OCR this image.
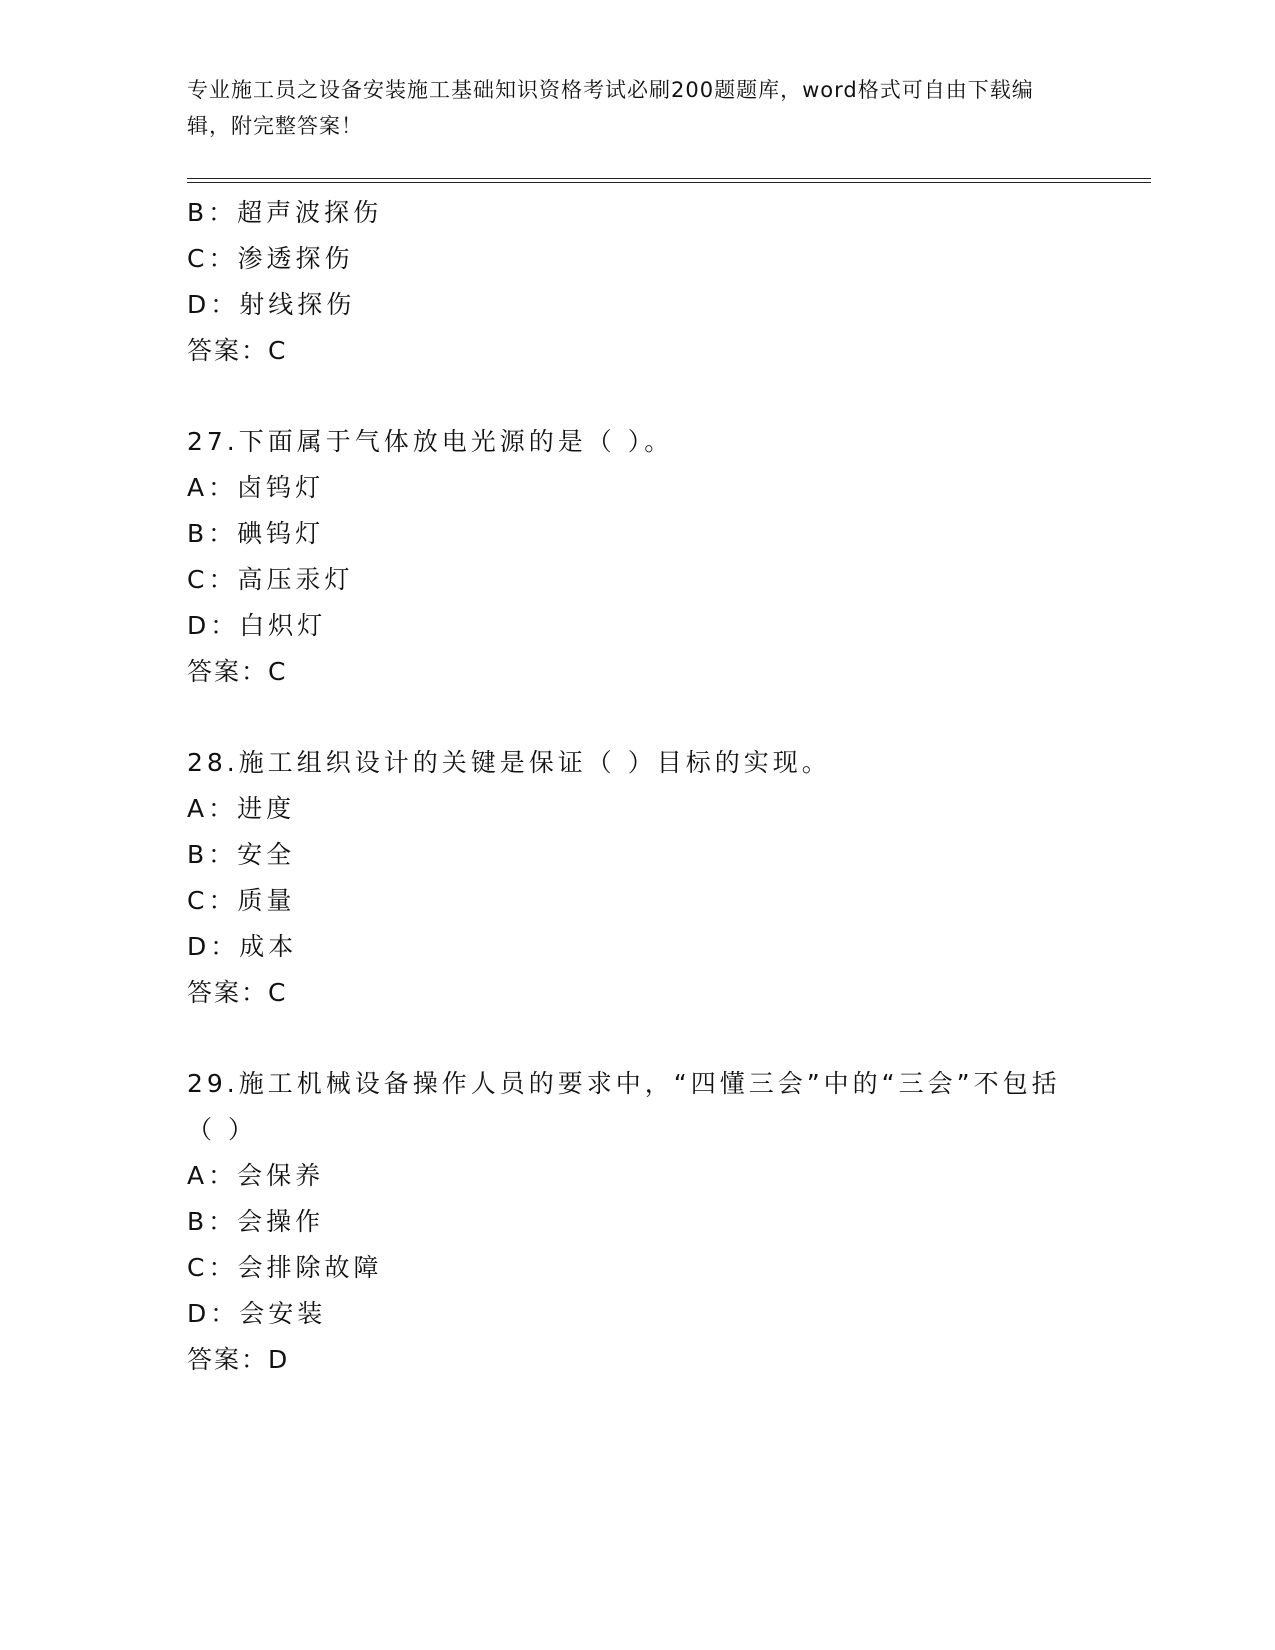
专业施工员之设备安装施工基础知识资格考试必刷200题题库，word格式可自由下载编辑，附完整答案！
B：超声波探伤
C：渗透探伤
D：射线探伤
答案：C
27.下面属于气体放电光源的是（ ）。
A：卤钨灯
B：碘钨灯
C：高压汞灯
D：白炽灯
答案：C
28.施工组织设计的关键是保证（ ）目标的实现。
A：进度
B：安全
C：质量
D：成本
答案：C
29.施工机械设备操作人员的要求中，“四懂三会”中的“三会”不包括（ ）
A：会保养
B：会操作
C：会排除故障
D：会安装
答案：D
